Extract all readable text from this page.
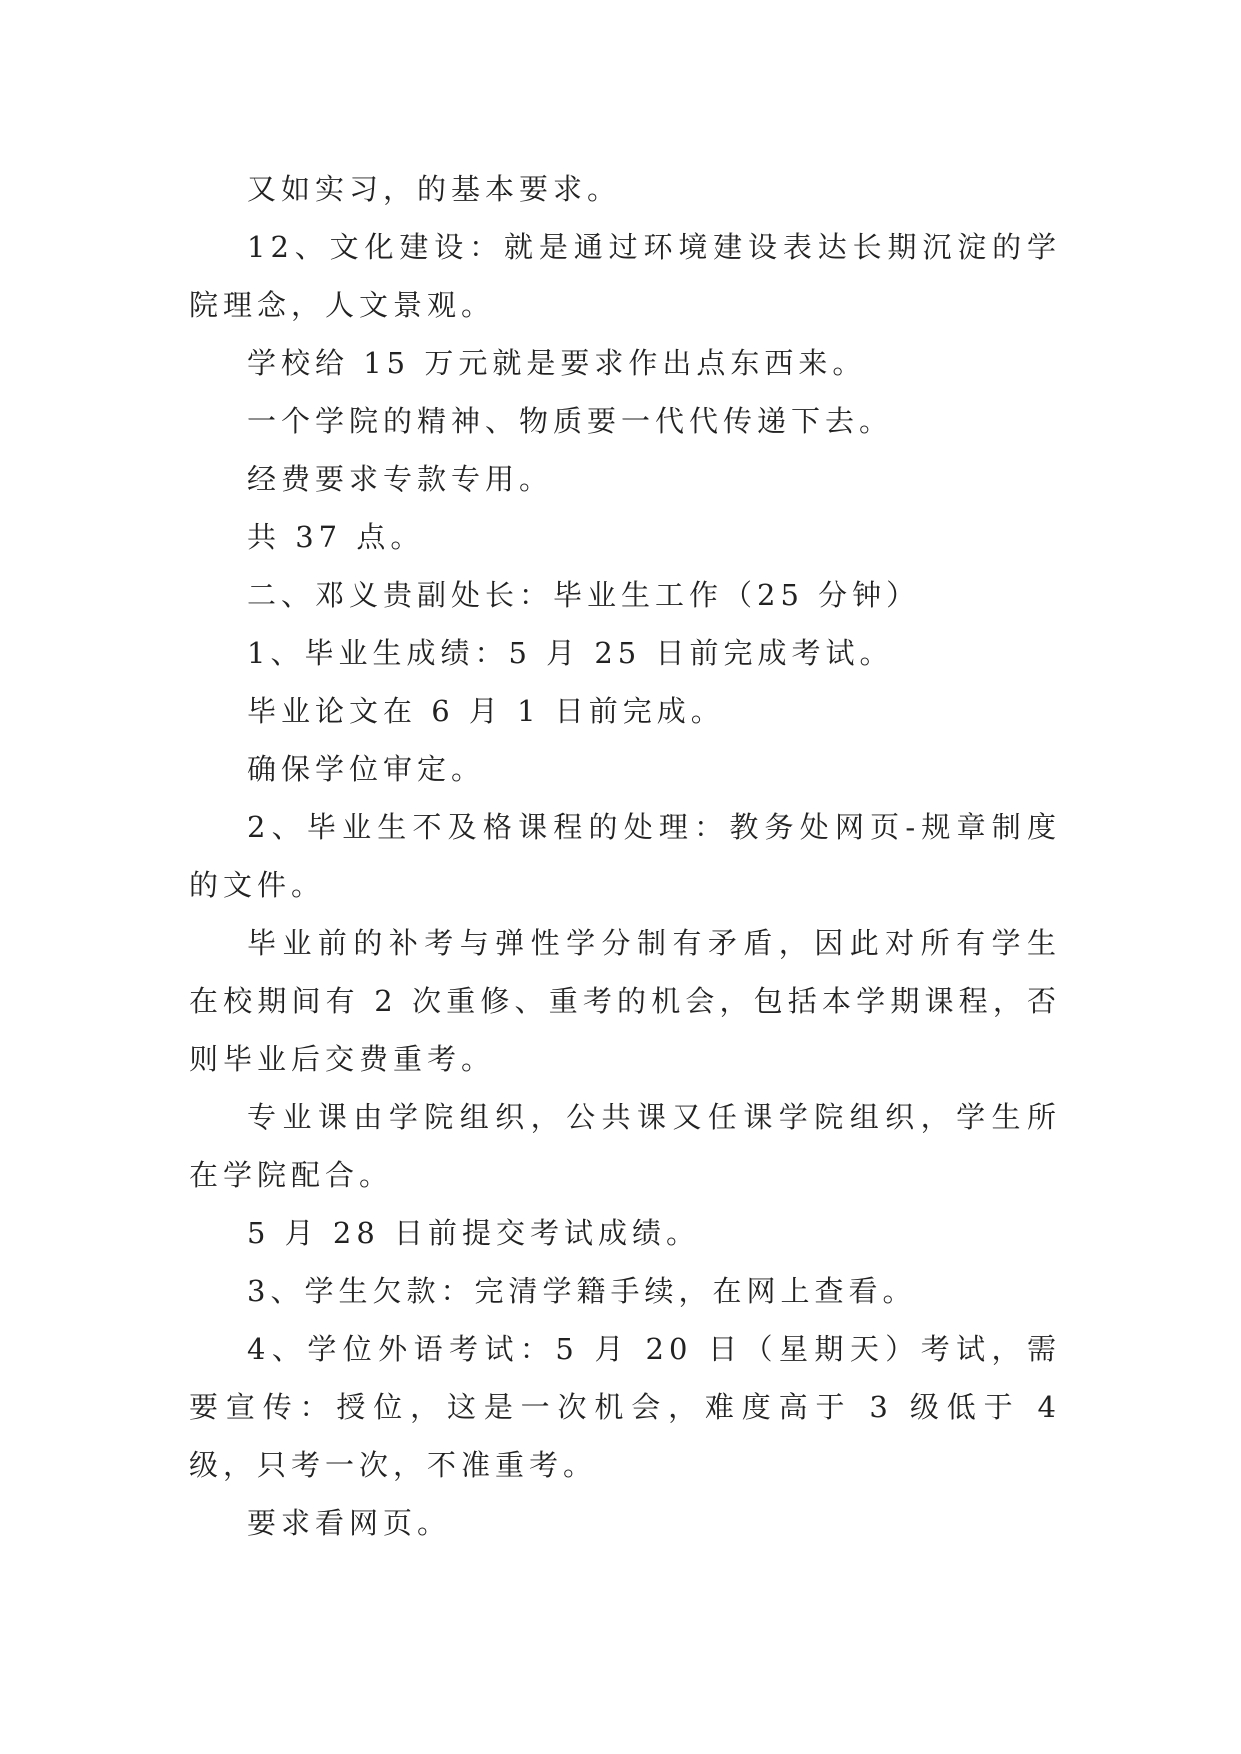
又如实习，的基本要求。

12、文化建设：就是通过环境建设表达长期沉淀的学院理念，人文景观。

学校给 15 万元就是要求作出点东西来。

一个学院的精神、物质要一代代传递下去。

经费要求专款专用。

共 37 点。

二、邓义贵副处长：毕业生工作（25 分钟）

1、毕业生成绩：5 月 25 日前完成考试。

毕业论文在 6 月 1 日前完成。

确保学位审定。

2、毕业生不及格课程的处理：教务处网页-规章制度的文件。

毕业前的补考与弹性学分制有矛盾，因此对所有学生在校期间有 2 次重修、重考的机会，包括本学期课程，否则毕业后交费重考。

专业课由学院组织，公共课又任课学院组织，学生所在学院配合。

5 月 28 日前提交考试成绩。

3、学生欠款：完清学籍手续，在网上查看。

4、学位外语考试：5 月 20 日（星期天）考试，需要宣传：授位，这是一次机会，难度高于 3 级低于 4 级，只考一次，不准重考。

要求看网页。
